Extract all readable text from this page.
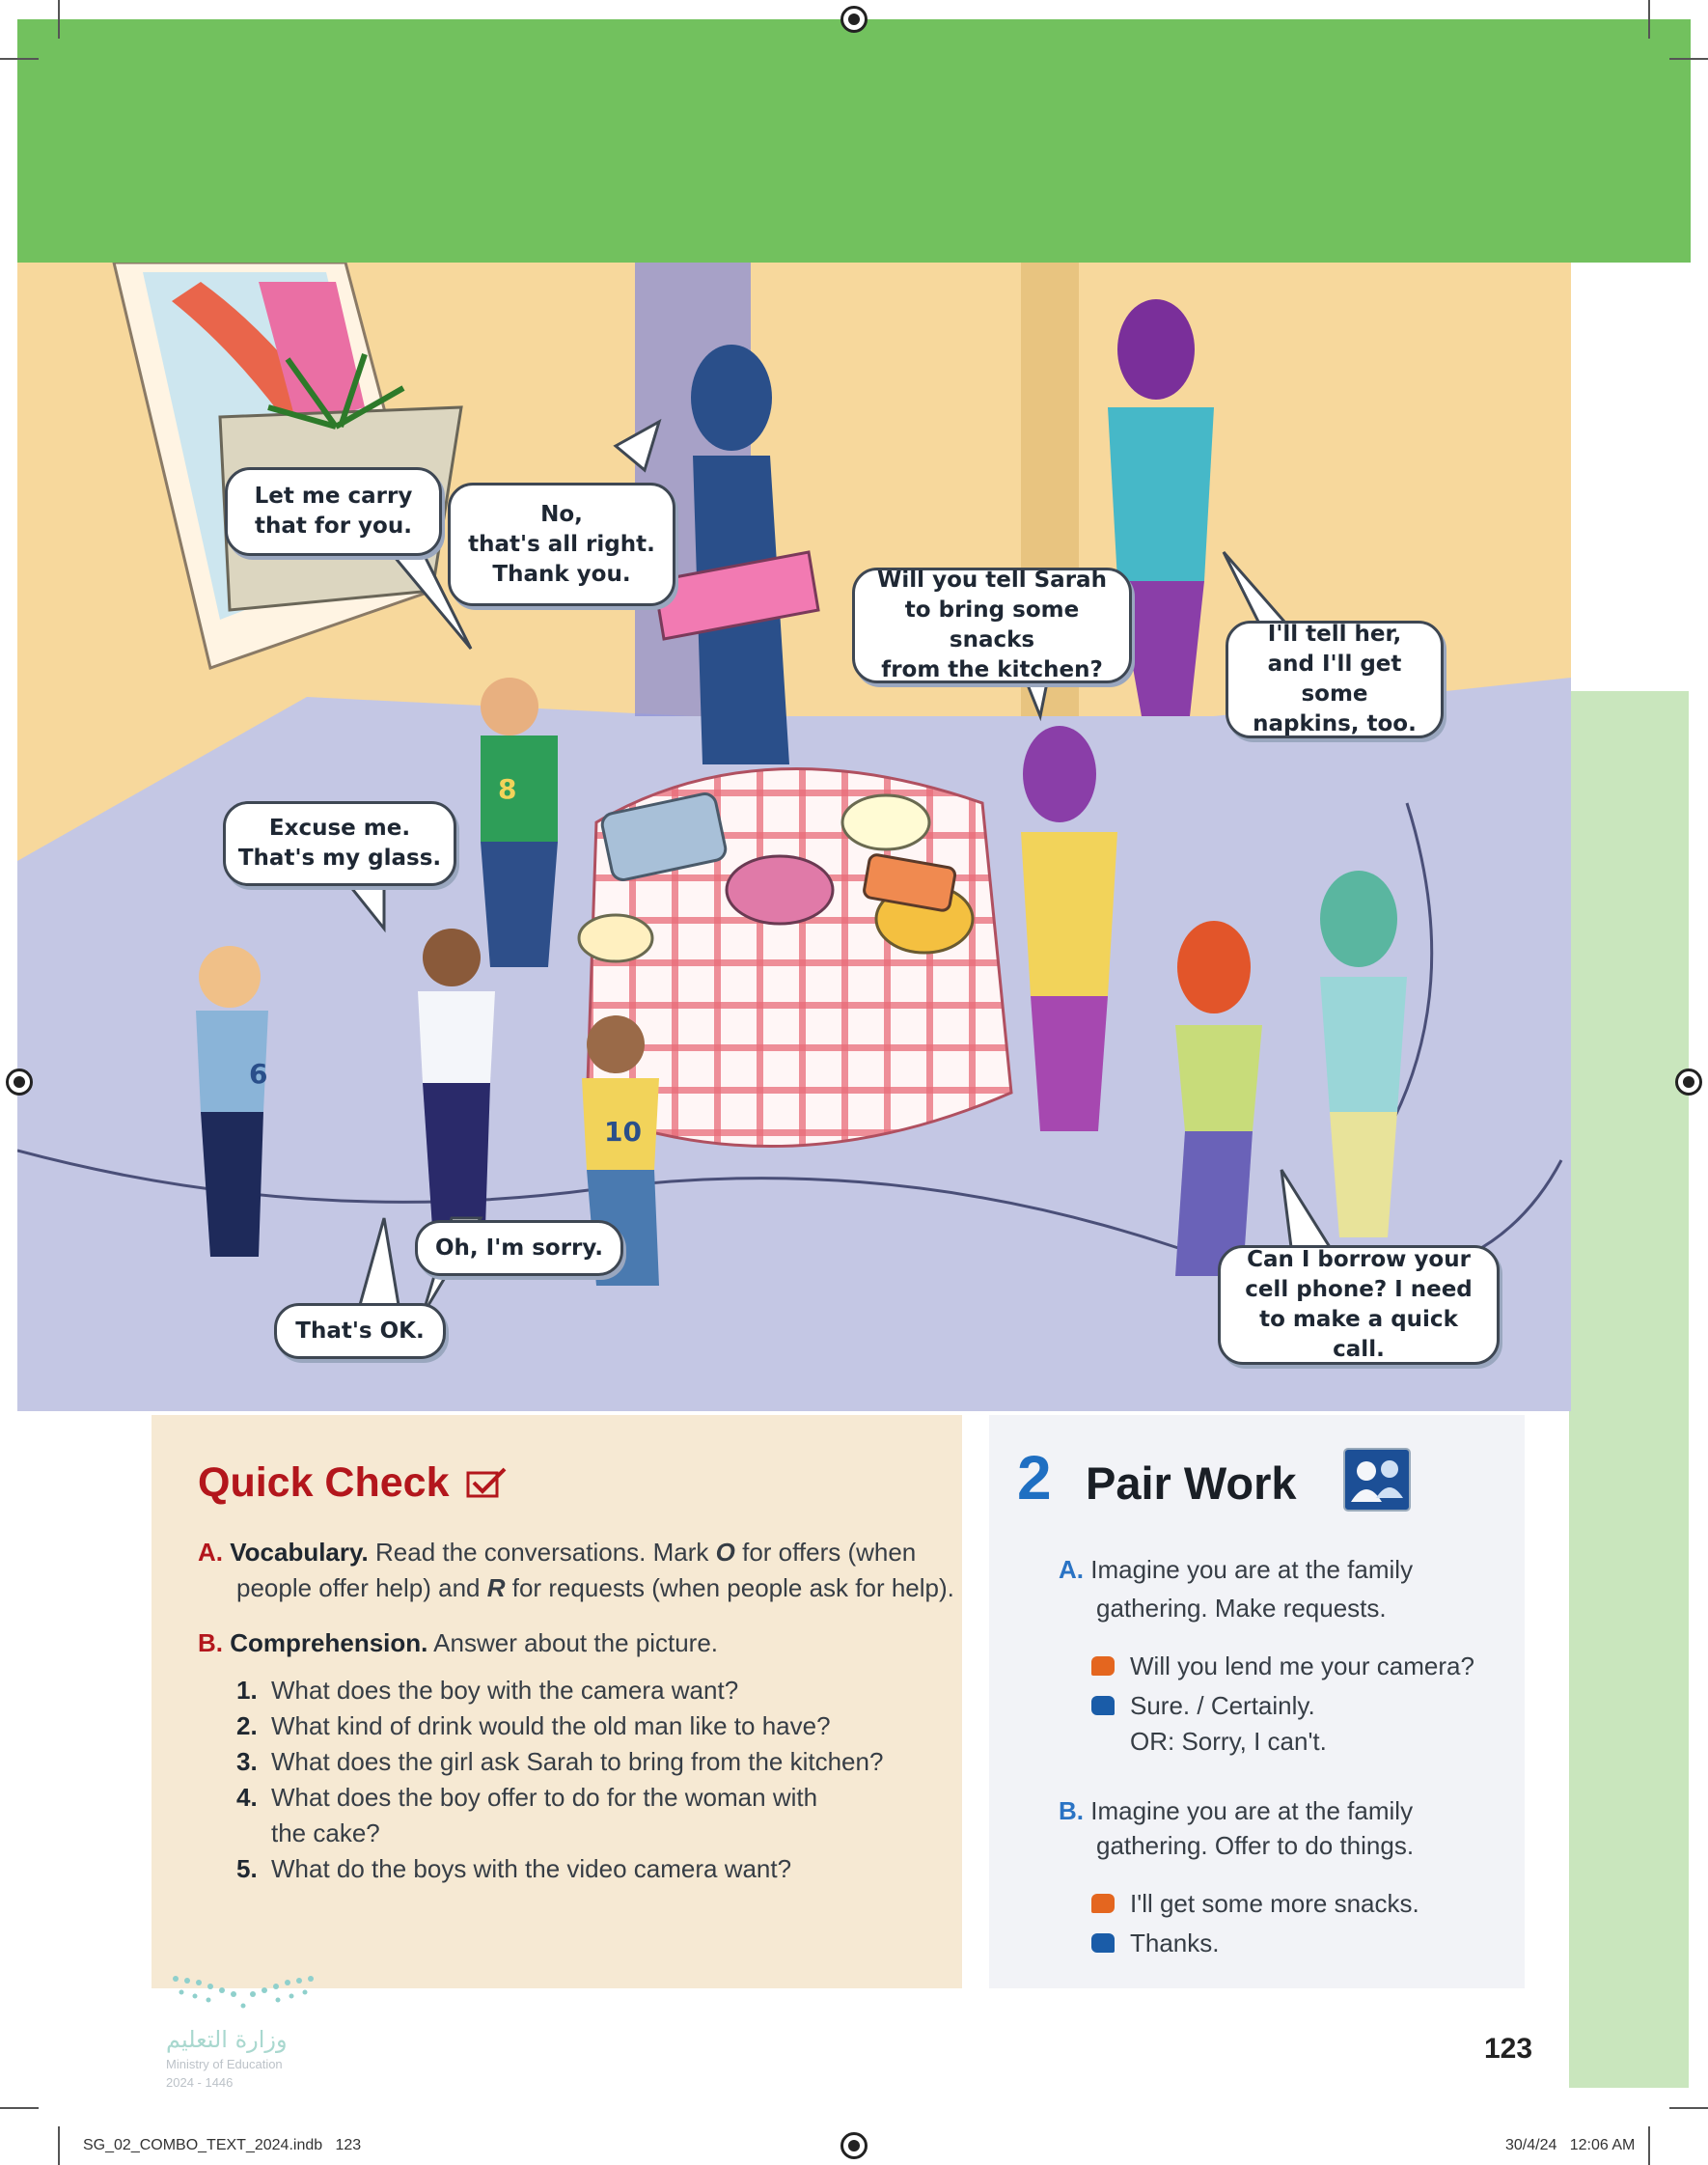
8
6
10
Let me carry
that for you.	No,
that's all right.
Thank you.	Will you tell Sarah
to bring some snacks
from the kitchen?
I'll tell her,
and I'll get some
napkins, too.
Excuse me.
That's my glass.
Oh, I'm sorry.
That's OK.
Can I borrow your
cell phone? I need
to make a quick call.
Quick Check
A. Vocabulary. Read the conversations. Mark O for offers (when
people offer help) and R for requests (when people ask for help).
B. Comprehension. Answer about the picture.
1. What does the boy with the camera want?
2. What kind of drink would the old man like to have?
3. What does the girl ask Sarah to bring from the kitchen?
4. What does the boy offer to do for the woman with
the cake?
5. What do the boys with the video camera want?
2 Pair Work
A. Imagine you are at the family
gathering. Make requests.
Will you lend me your camera?
Sure. / Certainly.
OR: Sorry, I can't.
B. Imagine you are at the family
gathering. Offer to do things.
I'll get some more snacks.
Thanks.
وزارة التعليم
Ministry of Education
2024 - 1446
123
SG_02_COMBO_TEXT_2024.indb   123	30/4/24   12:06 AM
